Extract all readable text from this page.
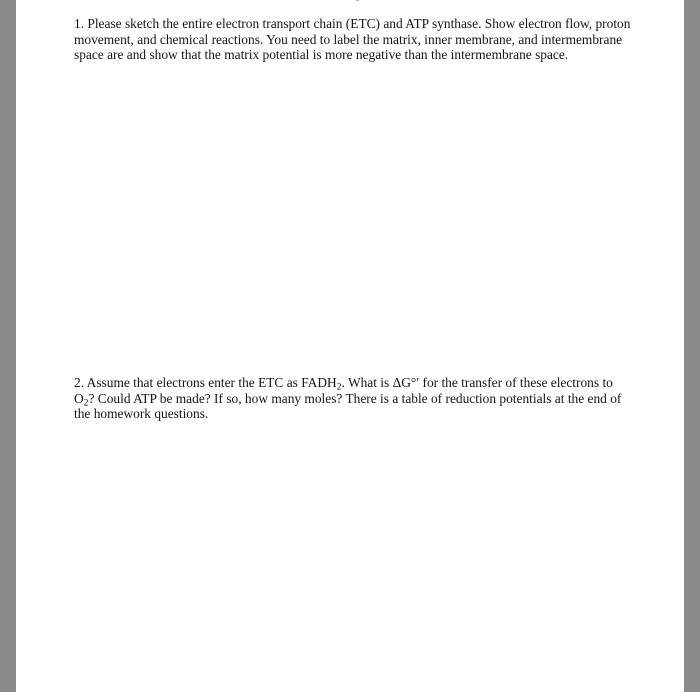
1. Please sketch the entire electron transport chain (ETC) and ATP synthase. Show electron flow, proton movement, and chemical reactions. You need to label the matrix, inner membrane, and intermembrane space are and show that the matrix potential is more negative than the intermembrane space.

2. Assume that electrons enter the ETC as $FADH_2$. What is ΔG°′ for the transfer of these electrons to $O_2$? Could ATP be made? If so, how many moles? There is a table of reduction potentials at the end of the homework questions.
